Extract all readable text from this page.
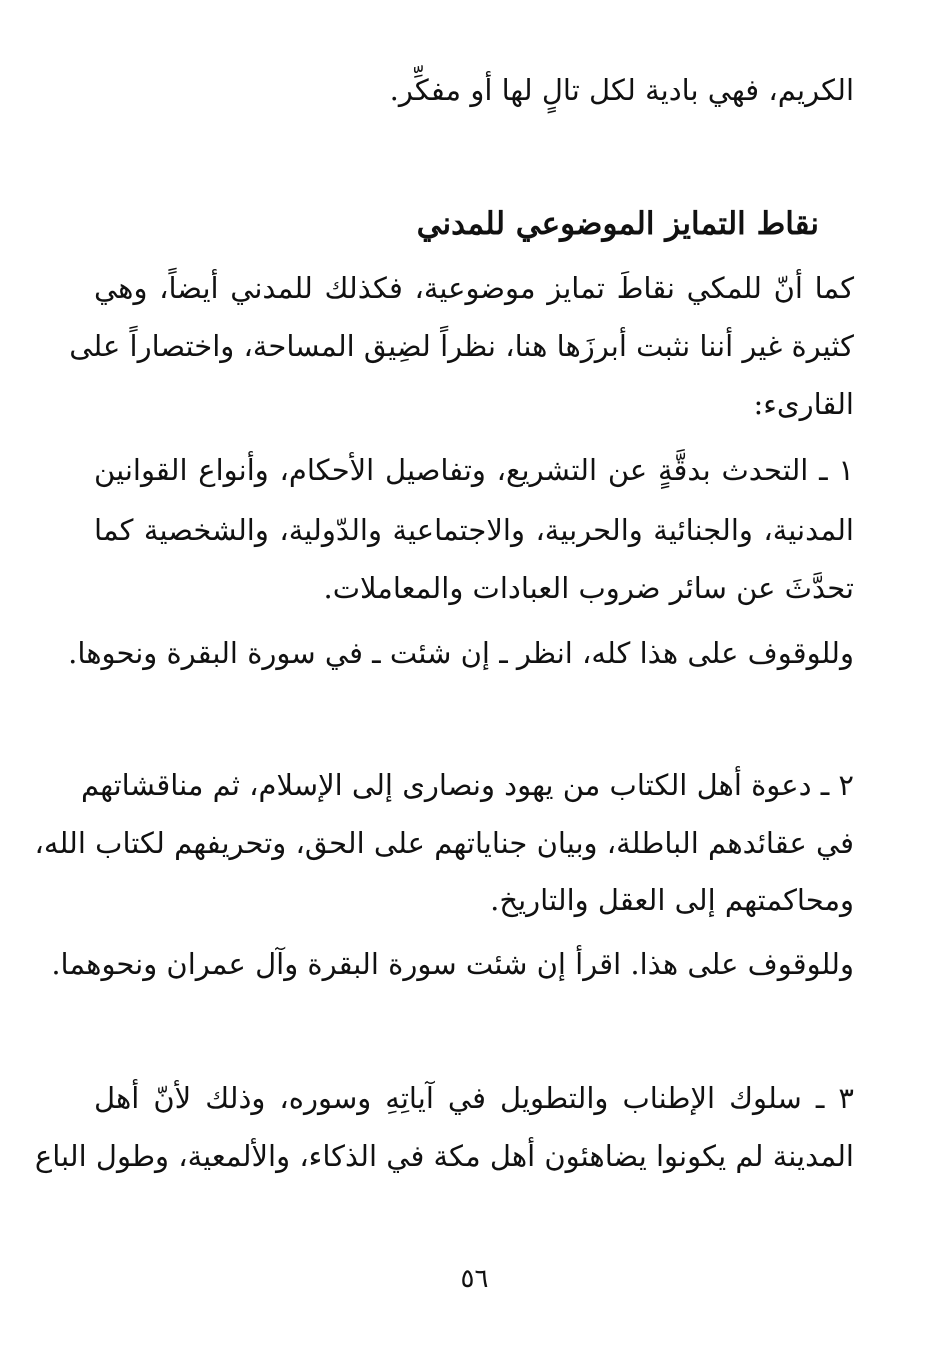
الكريم، فهي بادية لكل تالٍ لها أو مفكِّر.
نقاط التمايز الموضوعي للمدني
كما أنّ للمكي نقاطَ تمايز موضوعية، فكذلك للمدني أيضاً، وهي
كثيرة غير أننا نثبت أبرزَها هنا، نظراً لضِيق المساحة، واختصاراً على
القارىء:
١ ـ التحدث بدقَّةٍ عن التشريع، وتفاصيل الأحكام، وأنواع القوانين
المدنية، والجنائية والحربية، والاجتماعية والدّولية، والشخصية كما
تحدَّثَ عن سائر ضروب العبادات والمعاملات.
وللوقوف على هذا كله، انظر ـ إن شئت ـ في سورة البقرة ونحوها.
٢ ـ دعوة أهل الكتاب من يهود ونصارى إلى الإسلام، ثم مناقشاتهم
في عقائدهم الباطلة، وبيان جناياتهم على الحق، وتحريفهم لكتاب الله،
ومحاكمتهم إلى العقل والتاريخ.
وللوقوف على هذا. اقرأ إن شئت سورة البقرة وآل عمران ونحوهما.
٣ ـ سلوك الإطناب والتطويل في آياتِهِ وسوره، وذلك لأنّ أهل
المدينة لم يكونوا يضاهئون أهل مكة في الذكاء، والألمعية، وطول الباع
٥٦
